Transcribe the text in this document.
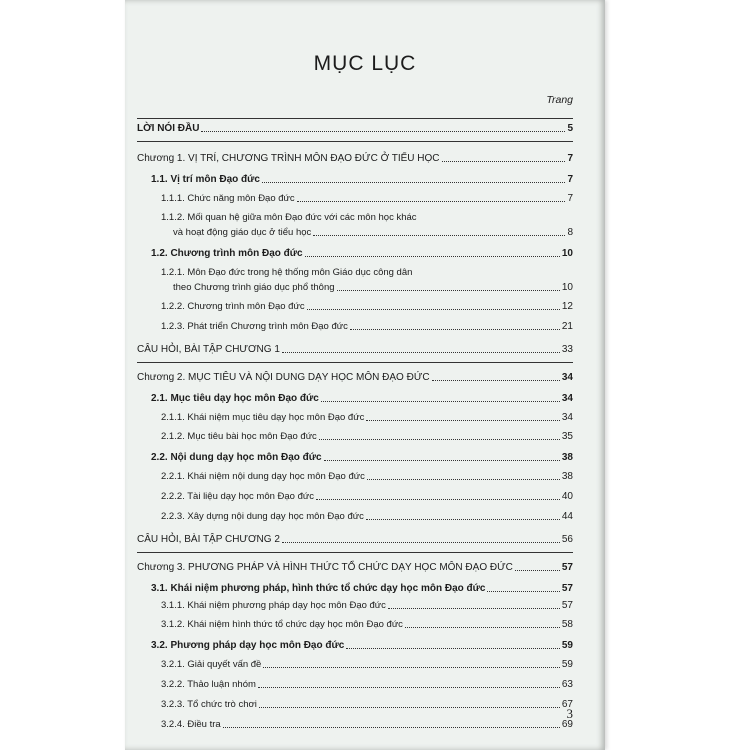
MỤC LỤC
Trang
LỜI NÓI ĐẦU	5
Chương 1. VỊ TRÍ, CHƯƠNG TRÌNH MÔN ĐẠO ĐỨC Ở TIỂU HỌC	7
1.1. Vị trí môn Đạo đức	7
1.1.1. Chức năng môn Đạo đức	7
1.1.2. Mối quan hệ giữa môn Đạo đức với các môn học khác
và hoạt động giáo dục ở tiểu học	8
1.2. Chương trình môn Đạo đức	10
1.2.1. Môn Đạo đức trong hệ thống môn Giáo dục công dân
theo Chương trình giáo dục phổ thông	10
1.2.2. Chương trình môn Đạo đức	12
1.2.3. Phát triển Chương trình môn Đạo đức	21
CÂU HỎI, BÀI TẬP CHƯƠNG 1	33
Chương 2. MỤC TIÊU VÀ NỘI DUNG DẠY HỌC MÔN ĐẠO ĐỨC	34
2.1. Mục tiêu dạy học môn Đạo đức	34
2.1.1. Khái niệm mục tiêu dạy học môn Đạo đức	34
2.1.2. Mục tiêu bài học môn Đạo đức	35
2.2. Nội dung dạy học môn Đạo đức	38
2.2.1. Khái niệm nội dung dạy học môn Đạo đức	38
2.2.2. Tài liệu dạy học môn Đạo đức	40
2.2.3. Xây dựng nội dung dạy học môn Đạo đức	44
CÂU HỎI, BÀI TẬP CHƯƠNG 2	56
Chương 3. PHƯƠNG PHÁP VÀ HÌNH THỨC TỔ CHỨC DẠY HỌC MÔN ĐẠO ĐỨC	57
3.1. Khái niệm phương pháp, hình thức tổ chức dạy học môn Đạo đức	57
3.1.1. Khái niệm phương pháp dạy học môn Đạo đức	57
3.1.2. Khái niệm hình thức tổ chức dạy học môn Đạo đức	58
3.2. Phương pháp dạy học môn Đạo đức	59
3.2.1. Giải quyết vấn đề	59
3.2.2. Thảo luận nhóm	63
3.2.3. Tổ chức trò chơi	67
3.2.4. Điều tra	69
3
